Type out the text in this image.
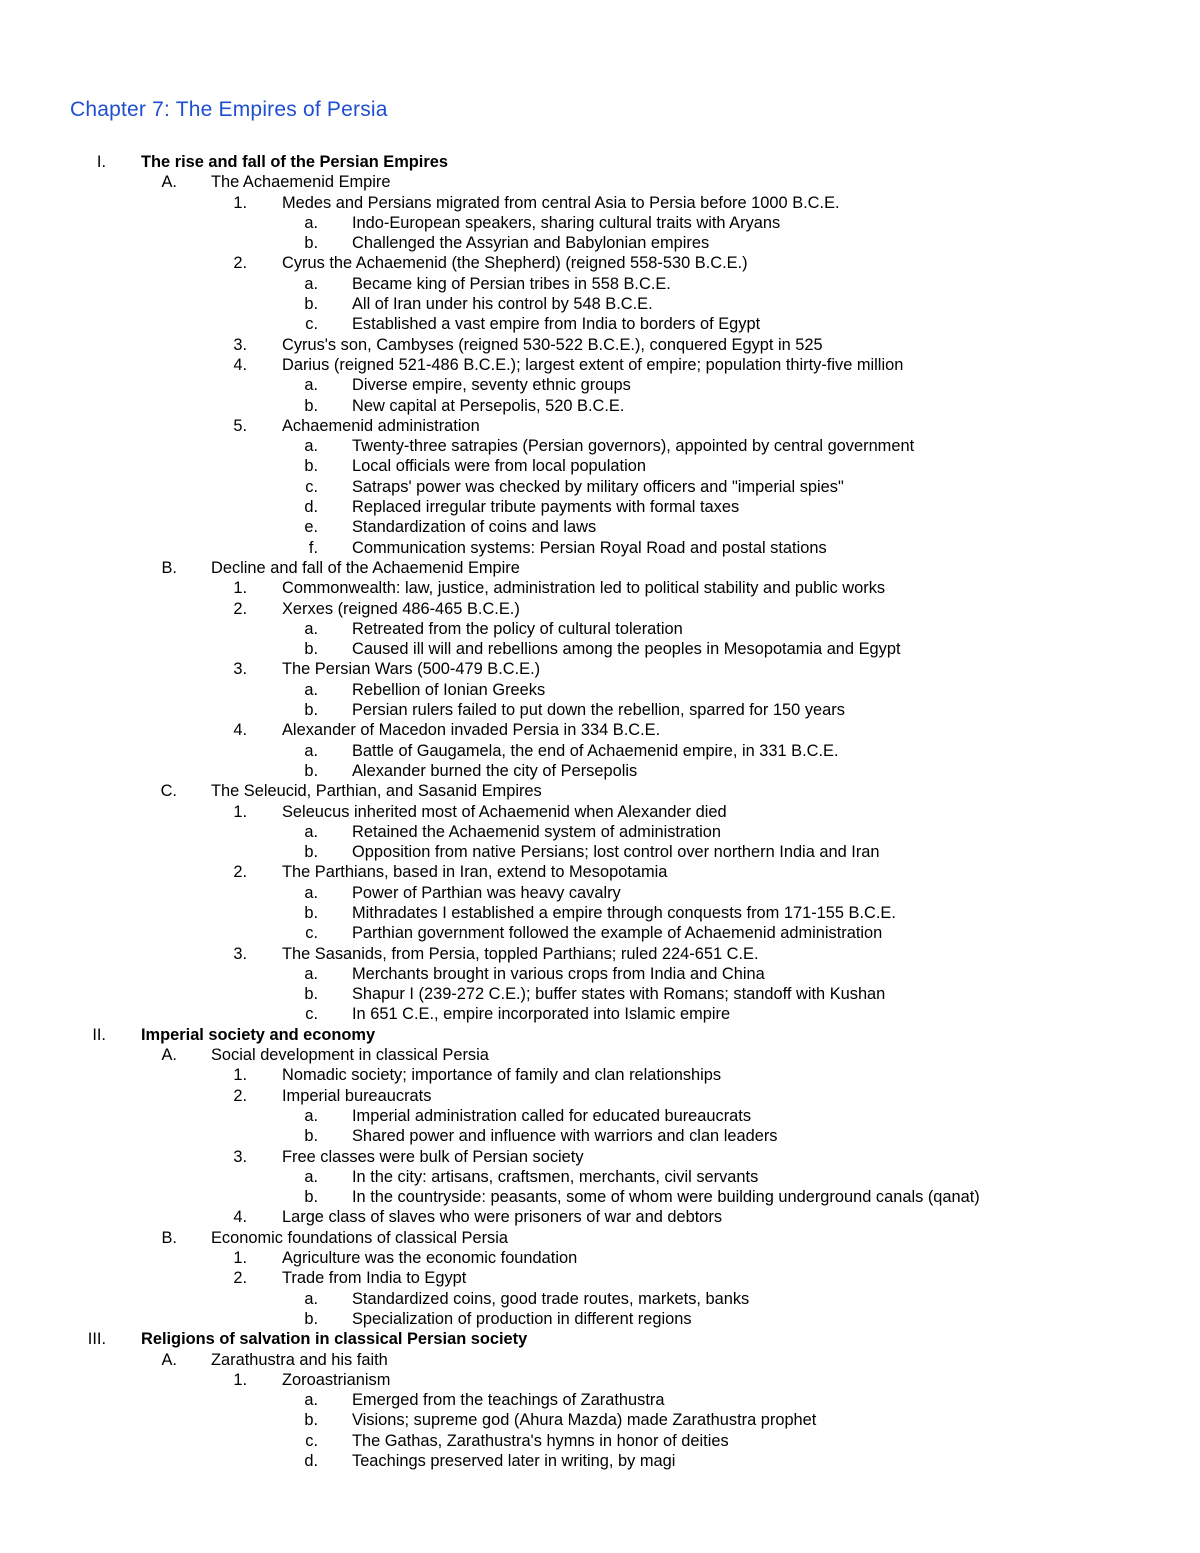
Chapter 7: The Empires of Persia
I. The rise and fall of the Persian Empires
A. The Achaemenid Empire
1. Medes and Persians migrated from central Asia to Persia before 1000 B.C.E.
a. Indo-European speakers, sharing cultural traits with Aryans
b. Challenged the Assyrian and Babylonian empires
2. Cyrus the Achaemenid (the Shepherd) (reigned 558-530 B.C.E.)
a. Became king of Persian tribes in 558 B.C.E.
b. All of Iran under his control by 548 B.C.E.
c. Established a vast empire from India to borders of Egypt
3. Cyrus's son, Cambyses (reigned 530-522 B.C.E.), conquered Egypt in 525
4. Darius (reigned 521-486 B.C.E.); largest extent of empire; population thirty-five million
a. Diverse empire, seventy ethnic groups
b. New capital at Persepolis, 520 B.C.E.
5. Achaemenid administration
a. Twenty-three satrapies (Persian governors), appointed by central government
b. Local officials were from local population
c. Satraps' power was checked by military officers and "imperial spies"
d. Replaced irregular tribute payments with formal taxes
e. Standardization of coins and laws
f. Communication systems: Persian Royal Road and postal stations
B. Decline and fall of the Achaemenid Empire
1. Commonwealth: law, justice, administration led to political stability and public works
2. Xerxes (reigned 486-465 B.C.E.)
a. Retreated from the policy of cultural toleration
b. Caused ill will and rebellions among the peoples in Mesopotamia and Egypt
3. The Persian Wars (500-479 B.C.E.)
a. Rebellion of Ionian Greeks
b. Persian rulers failed to put down the rebellion, sparred for 150 years
4. Alexander of Macedon invaded Persia in 334 B.C.E.
a. Battle of Gaugamela, the end of Achaemenid empire, in 331 B.C.E.
b. Alexander burned the city of Persepolis
C. The Seleucid, Parthian, and Sasanid Empires
1. Seleucus inherited most of Achaemenid when Alexander died
a. Retained the Achaemenid system of administration
b. Opposition from native Persians; lost control over northern India and Iran
2. The Parthians, based in Iran, extend to Mesopotamia
a. Power of Parthian was heavy cavalry
b. Mithradates I established a empire through conquests from 171-155 B.C.E.
c. Parthian government followed the example of Achaemenid administration
3. The Sasanids, from Persia, toppled Parthians; ruled 224-651 C.E.
a. Merchants brought in various crops from India and China
b. Shapur I (239-272 C.E.); buffer states with Romans; standoff with Kushan
c. In 651 C.E., empire incorporated into Islamic empire
II. Imperial society and economy
A. Social development in classical Persia
1. Nomadic society; importance of family and clan relationships
2. Imperial bureaucrats
a. Imperial administration called for educated bureaucrats
b. Shared power and influence with warriors and clan leaders
3. Free classes were bulk of Persian society
a. In the city: artisans, craftsmen, merchants, civil servants
b. In the countryside: peasants, some of whom were building underground canals (qanat)
4. Large class of slaves who were prisoners of war and debtors
B. Economic foundations of classical Persia
1. Agriculture was the economic foundation
2. Trade from India to Egypt
a. Standardized coins, good trade routes, markets, banks
b. Specialization of production in different regions
III. Religions of salvation in classical Persian society
A. Zarathustra and his faith
1. Zoroastrianism
a. Emerged from the teachings of Zarathustra
b. Visions; supreme god (Ahura Mazda) made Zarathustra prophet
c. The Gathas, Zarathustra's hymns in honor of deities
d. Teachings preserved later in writing, by magi
